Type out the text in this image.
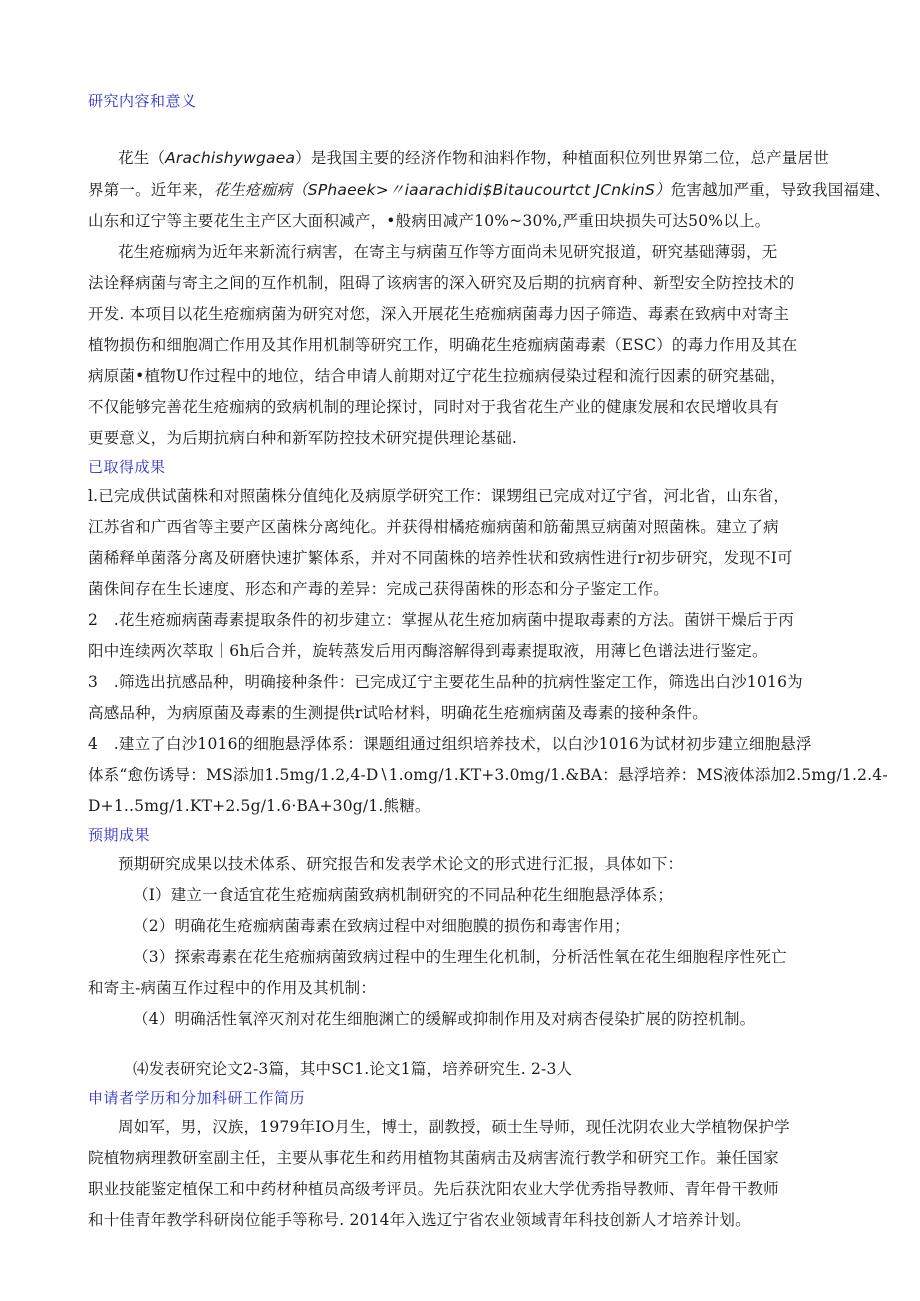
研究内容和意义
花生（Arachishywgaea）是我国主要的经济作物和油料作物，种植面积位列世界第二位，总产量居世
界第一。近年来，花生疮痂病（SPhaeek>〃iaarachidi$Bitaucourtct JCnkinS）危害越加严重，导致我国福建、
山东和辽宁等主要花生主产区大面积减产，•般病田减产10%~30%,严重田块损失可达50%以上。
花生疮痂病为近年来新流行病害，在寄主与病菌互作等方面尚未见研究报道，研究基础薄弱，无
法诠释病菌与寄主之间的互作机制，阻碍了该病害的深入研究及后期的抗病育种、新型安全防控技术的
开发. 本项目以花生疮痂病菌为研究对您，深入开展花生疮痂病菌毒力因子筛造、毒素在致病中对寄主
植物损伤和细胞凋亡作用及其作用机制等研究工作，明确花生疮痂病菌毒素（ESC）的毒力作用及其在
病原菌•植物U作过程中的地位，结合申请人前期对辽宁花生拉痂病侵染过程和流行因素的研究基础，
不仅能够完善花生疮痂病的致病机制的理论探讨，同时对于我省花生产业的健康发展和农民增收具有
更要意义，为后期抗病白种和新军防控技术研究提供理论基础.
已取得成果
l.已完成供试菌株和对照菌株分值纯化及病原学研究工作：课甥组已完成对辽宁省，河北省，山东省，
江苏省和广西省等主要产区菌株分离纯化。并获得柑橘疮痂病菌和筋葡黑豆病菌对照菌株。建立了病
菌稀释单菌落分离及研磨快速扩繁体系，并对不同菌株的培养性状和致病性进行r初步研究，发现不I可
菌侏间存在生长速度、形态和产毒的差异：完成己获得菌株的形态和分子鉴定工作。
2　.花生疮痂病菌毒素提取条件的初步建立：掌握从花生疮加病菌中提取毒素的方法。菌饼干燥后于丙
阳中连续两次萃取｜6h后合并，旋转蒸发后用丙酶溶解得到毒素提取液，用薄匕色谱法进行鉴定。
3　.筛选出抗感品种，明确接种条件：已完成辽宁主要花生品种的抗病性鉴定工作，筛选出白沙1016为
高感品种，为病原菌及毒素的生测提供r试哈材料，明确花生疮痂病菌及毒素的接种条件。
4　.建立了白沙1016的细胞悬浮体系：课题组通过组织培养技术，以白沙1016为试材初步建立细胞悬浮
体系“愈伤诱导：MS添加1.5mg/1.2,4-D∖1.omg/1.KT+3.0mg/1.&BA：悬浮培养：MS液体添加2.5mg/1.2.4-
D+1..5mg/1.KT+2.5g/1.6·BA+30g/1.熊糖。
预期成果
预期研究成果以技术体系、研究报告和发表学术论文的形式进行汇报，具体如下：
（I）建立一食适宜花生疮痂病菌致病机制研究的不同品种花生细胞悬浮体系；
（2）明确花生疮痂病菌毒素在致病过程中对细胞膜的损伤和毒害作用；
（3）探索毒素在花生疮痂病菌致病过程中的生理生化机制，分析活性氧在花生细胞程序性死亡
和寄主-病菌互作过程中的作用及其机制：
（4）明确活性氧淬灭剂对花生细胞渊亡的缓解或抑制作用及对病杏侵染扩展的防控机制。
⑷发表研究论文2-3篇，其中SC1.论文1篇，培养研究生. 2-3人
申请者学历和分加科研工作简历
周如军，男，汉族，1979年IO月生，博士，副教授，硕士生导师，现任沈阴农业大学植物保护学
院植物病理教研室副主任，主要从事花生和药用植物其菌病击及病害流行教学和研究工作。兼任国家
职业技能鉴定植保工和中药材种植员高级考评员。先后获沈阳农业大学优秀指导教师、青年骨干教师
和十佳青年教学科研岗位能手等称号. 2014年入选辽宁省农业领域青年科技创新人才培养计划。
